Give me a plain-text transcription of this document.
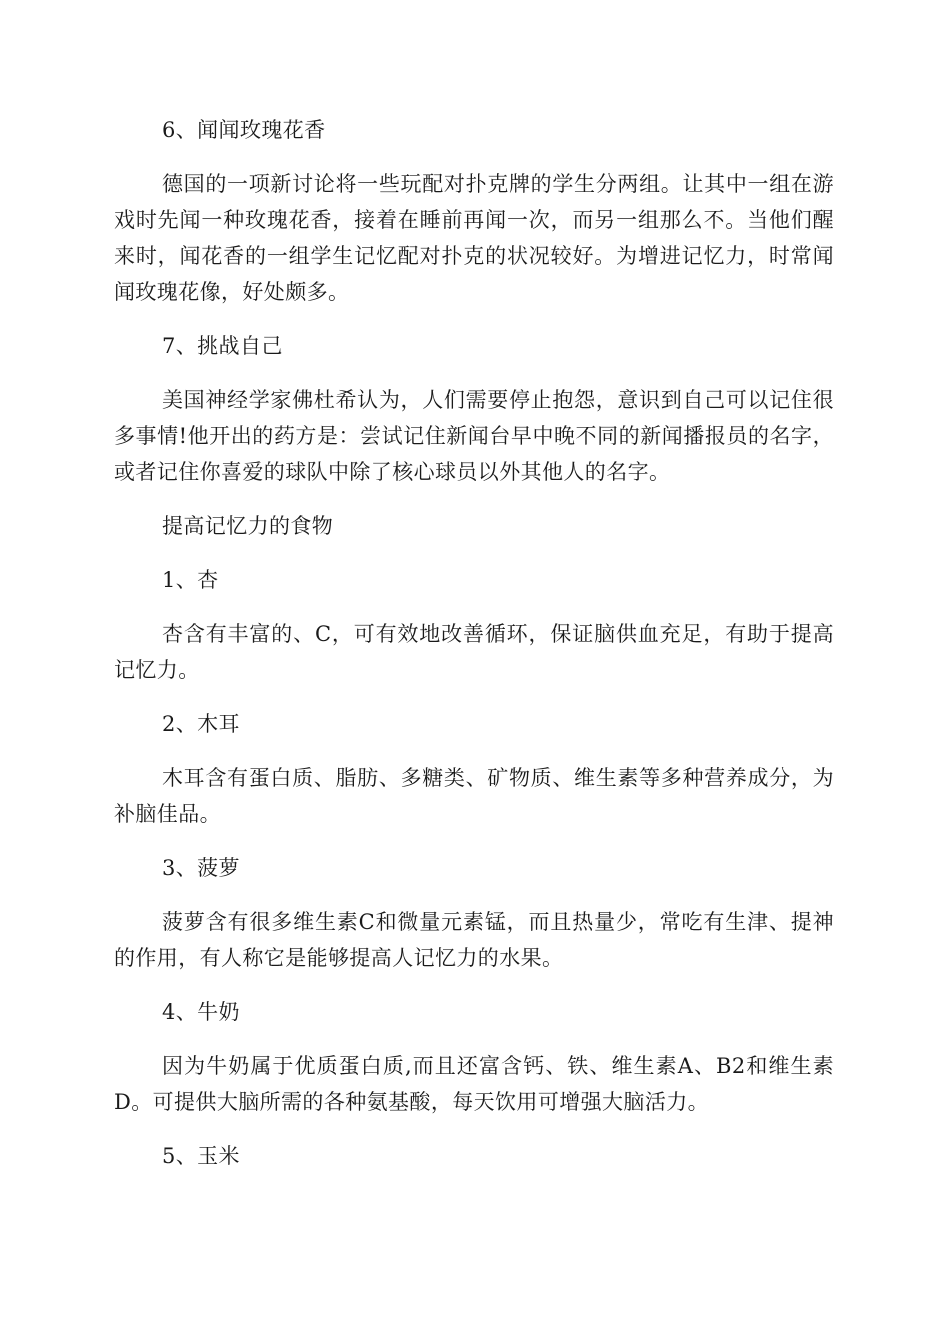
6、闻闻玫瑰花香
德国的一项新讨论将一些玩配对扑克牌的学生分两组。让其中一组在游戏时先闻一种玫瑰花香，接着在睡前再闻一次，而另一组那么不。当他们醒来时，闻花香的一组学生记忆配对扑克的状况较好。为增进记忆力，时常闻闻玫瑰花像，好处颇多。
7、挑战自己
美国神经学家佛杜希认为，人们需要停止抱怨，意识到自己可以记住很多事情!他开出的药方是：尝试记住新闻台早中晚不同的新闻播报员的名字，或者记住你喜爱的球队中除了核心球员以外其他人的名字。
提高记忆力的食物
1、杏
杏含有丰富的、C，可有效地改善循环，保证脑供血充足，有助于提高记忆力。
2、木耳
木耳含有蛋白质、脂肪、多糖类、矿物质、维生素等多种营养成分，为补脑佳品。
3、菠萝
菠萝含有很多维生素C和微量元素锰，而且热量少，常吃有生津、提神的作用，有人称它是能够提高人记忆力的水果。
4、牛奶
因为牛奶属于优质蛋白质,而且还富含钙、铁、维生素A、B2和维生素D。可提供大脑所需的各种氨基酸，每天饮用可增强大脑活力。
5、玉米
